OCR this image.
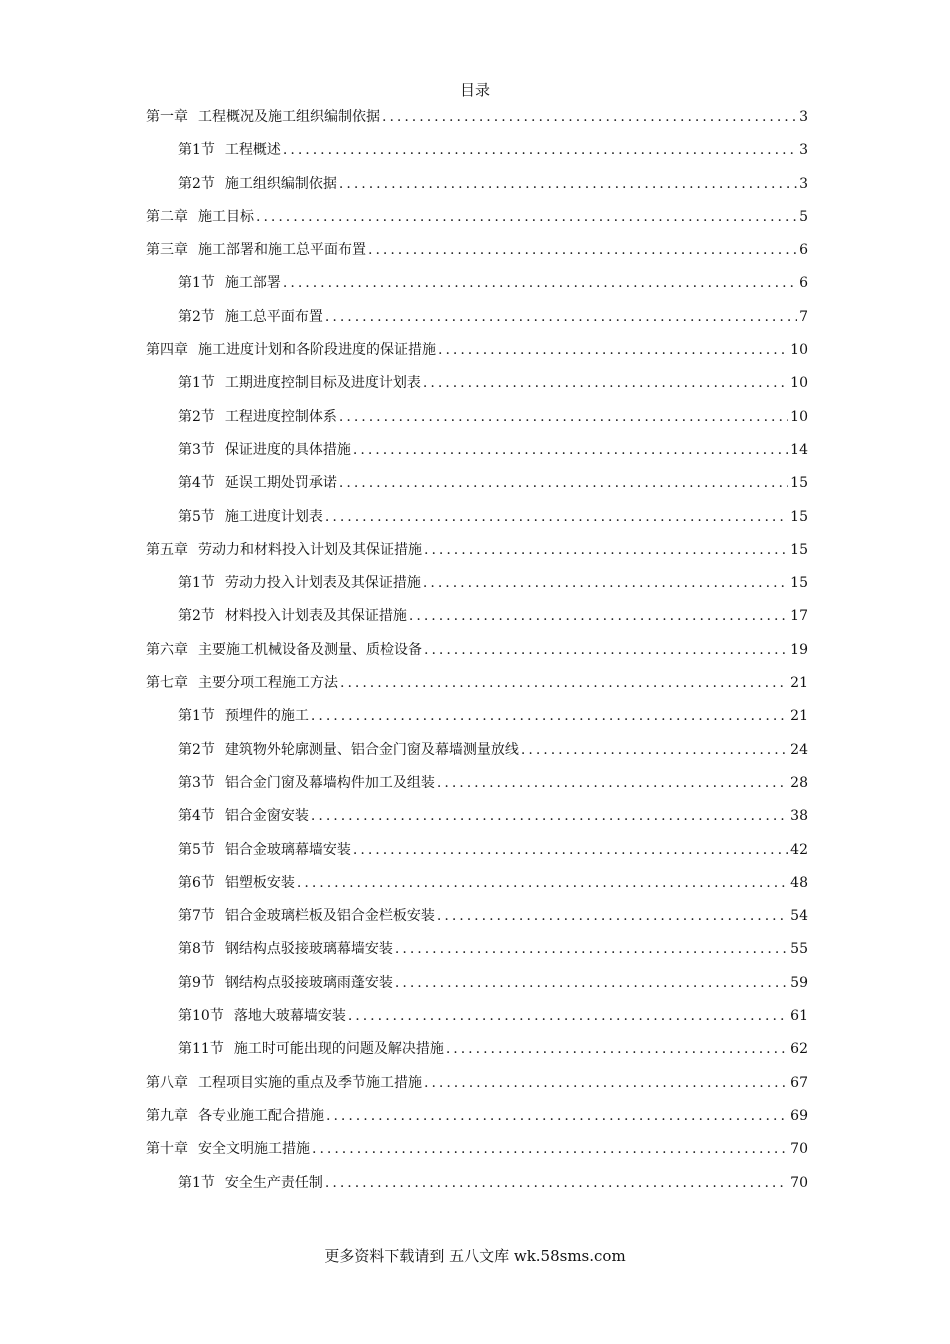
目录
第一章 工程概况及施工组织编制依据 .....	3
第1节 工程概述 .....	3
第2节 施工组织编制依据 .....	3
第二章 施工目标 .....	5
第三章 施工部署和施工总平面布置 .....	6
第1节 施工部署 .....	6
第2节 施工总平面布置 .....	7
第四章 施工进度计划和各阶段进度的保证措施 .....	10
第1节 工期进度控制目标及进度计划表 .....	10
第2节 工程进度控制体系 .....	10
第3节 保证进度的具体措施 .....	14
第4节 延误工期处罚承诺 .....	15
第5节 施工进度计划表 .....	15
第五章 劳动力和材料投入计划及其保证措施 .....	15
第1节 劳动力投入计划表及其保证措施 .....	15
第2节 材料投入计划表及其保证措施 .....	17
第六章 主要施工机械设备及测量、质检设备 .....	19
第七章 主要分项工程施工方法 .....	21
第1节 预埋件的施工 .....	21
第2节 建筑物外轮廓测量、铝合金门窗及幕墙测量放线 .....	24
第3节 铝合金门窗及幕墙构件加工及组装 .....	28
第4节 铝合金窗安装 .....	38
第5节 铝合金玻璃幕墙安装 .....	42
第6节 铝塑板安装 .....	48
第7节 铝合金玻璃栏板及铝合金栏板安装 .....	54
第8节 钢结构点驳接玻璃幕墙安装 .....	55
第9节 钢结构点驳接玻璃雨蓬安装 .....	59
第10节 落地大玻幕墙安装 .....	61
第11节 施工时可能出现的问题及解决措施 .....	62
第八章 工程项目实施的重点及季节施工措施 .....	67
第九章 各专业施工配合措施 .....	69
第十章 安全文明施工措施 .....	70
第1节 安全生产责任制 .....	70
更多资料下载请到 五八文库 wk.58sms.com
